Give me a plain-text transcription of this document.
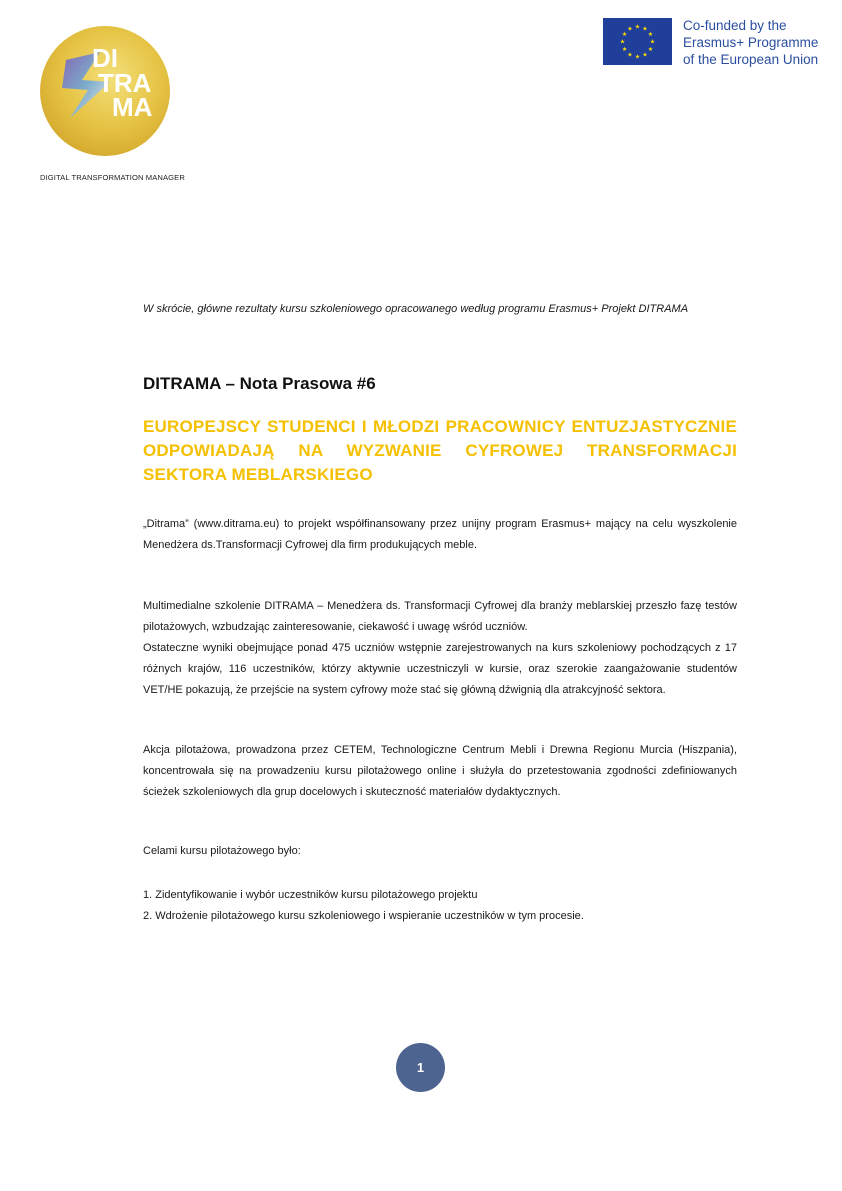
DI
TRA
MA
DIGITAL TRANSFORMATION MANAGER
★ ★
★
★
★
★
★
★
★
★
★
★	Co-funded by the
Erasmus+ Programme
of the European Union
W skrócie, główne rezultaty kursu szkoleniowego opracowanego według programu Erasmus+ Projekt DITRAMA
DITRAMA – Nota Prasowa #6
EUROPEJSCY STUDENCI I MŁODZI PRACOWNICY ENTUZJASTYCZNIE ODPOWIADAJĄ NA WYZWANIE CYFROWEJ TRANSFORMACJI SEKTORA MEBLARSKIEGO
„Ditrama” (www.ditrama.eu) to projekt współfinansowany przez unijny program Erasmus+ mający na celu wyszkolenie Menedżera ds.Transformacji Cyfrowej dla firm produkujących meble.
Multimedialne szkolenie DITRAMA – Menedżera ds. Transformacji Cyfrowej dla branży meblarskiej przeszło fazę testów pilotażowych, wzbudzając zainteresowanie, ciekawość i uwagę wśród uczniów.
Ostateczne wyniki obejmujące ponad 475 uczniów wstępnie zarejestrowanych na kurs szkoleniowy pochodzących z 17 różnych krajów, 116 uczestników, którzy aktywnie uczestniczyli w kursie, oraz szerokie zaangażowanie studentów VET/HE pokazują, że przejście na system cyfrowy może stać się główną dźwignią dla atrakcyjność sektora.
Akcja pilotażowa, prowadzona przez CETEM, Technologiczne Centrum Mebli i Drewna Regionu Murcia (Hiszpania), koncentrowała się na prowadzeniu kursu pilotażowego online i służyła do przetestowania zgodności zdefiniowanych ścieżek szkoleniowych dla grup docelowych i skuteczność materiałów dydaktycznych.
Celami kursu pilotażowego było:
1. Zidentyfikowanie i wybór uczestników kursu pilotażowego projektu
2. Wdrożenie pilotażowego kursu szkoleniowego i wspieranie uczestników w tym procesie.
1
